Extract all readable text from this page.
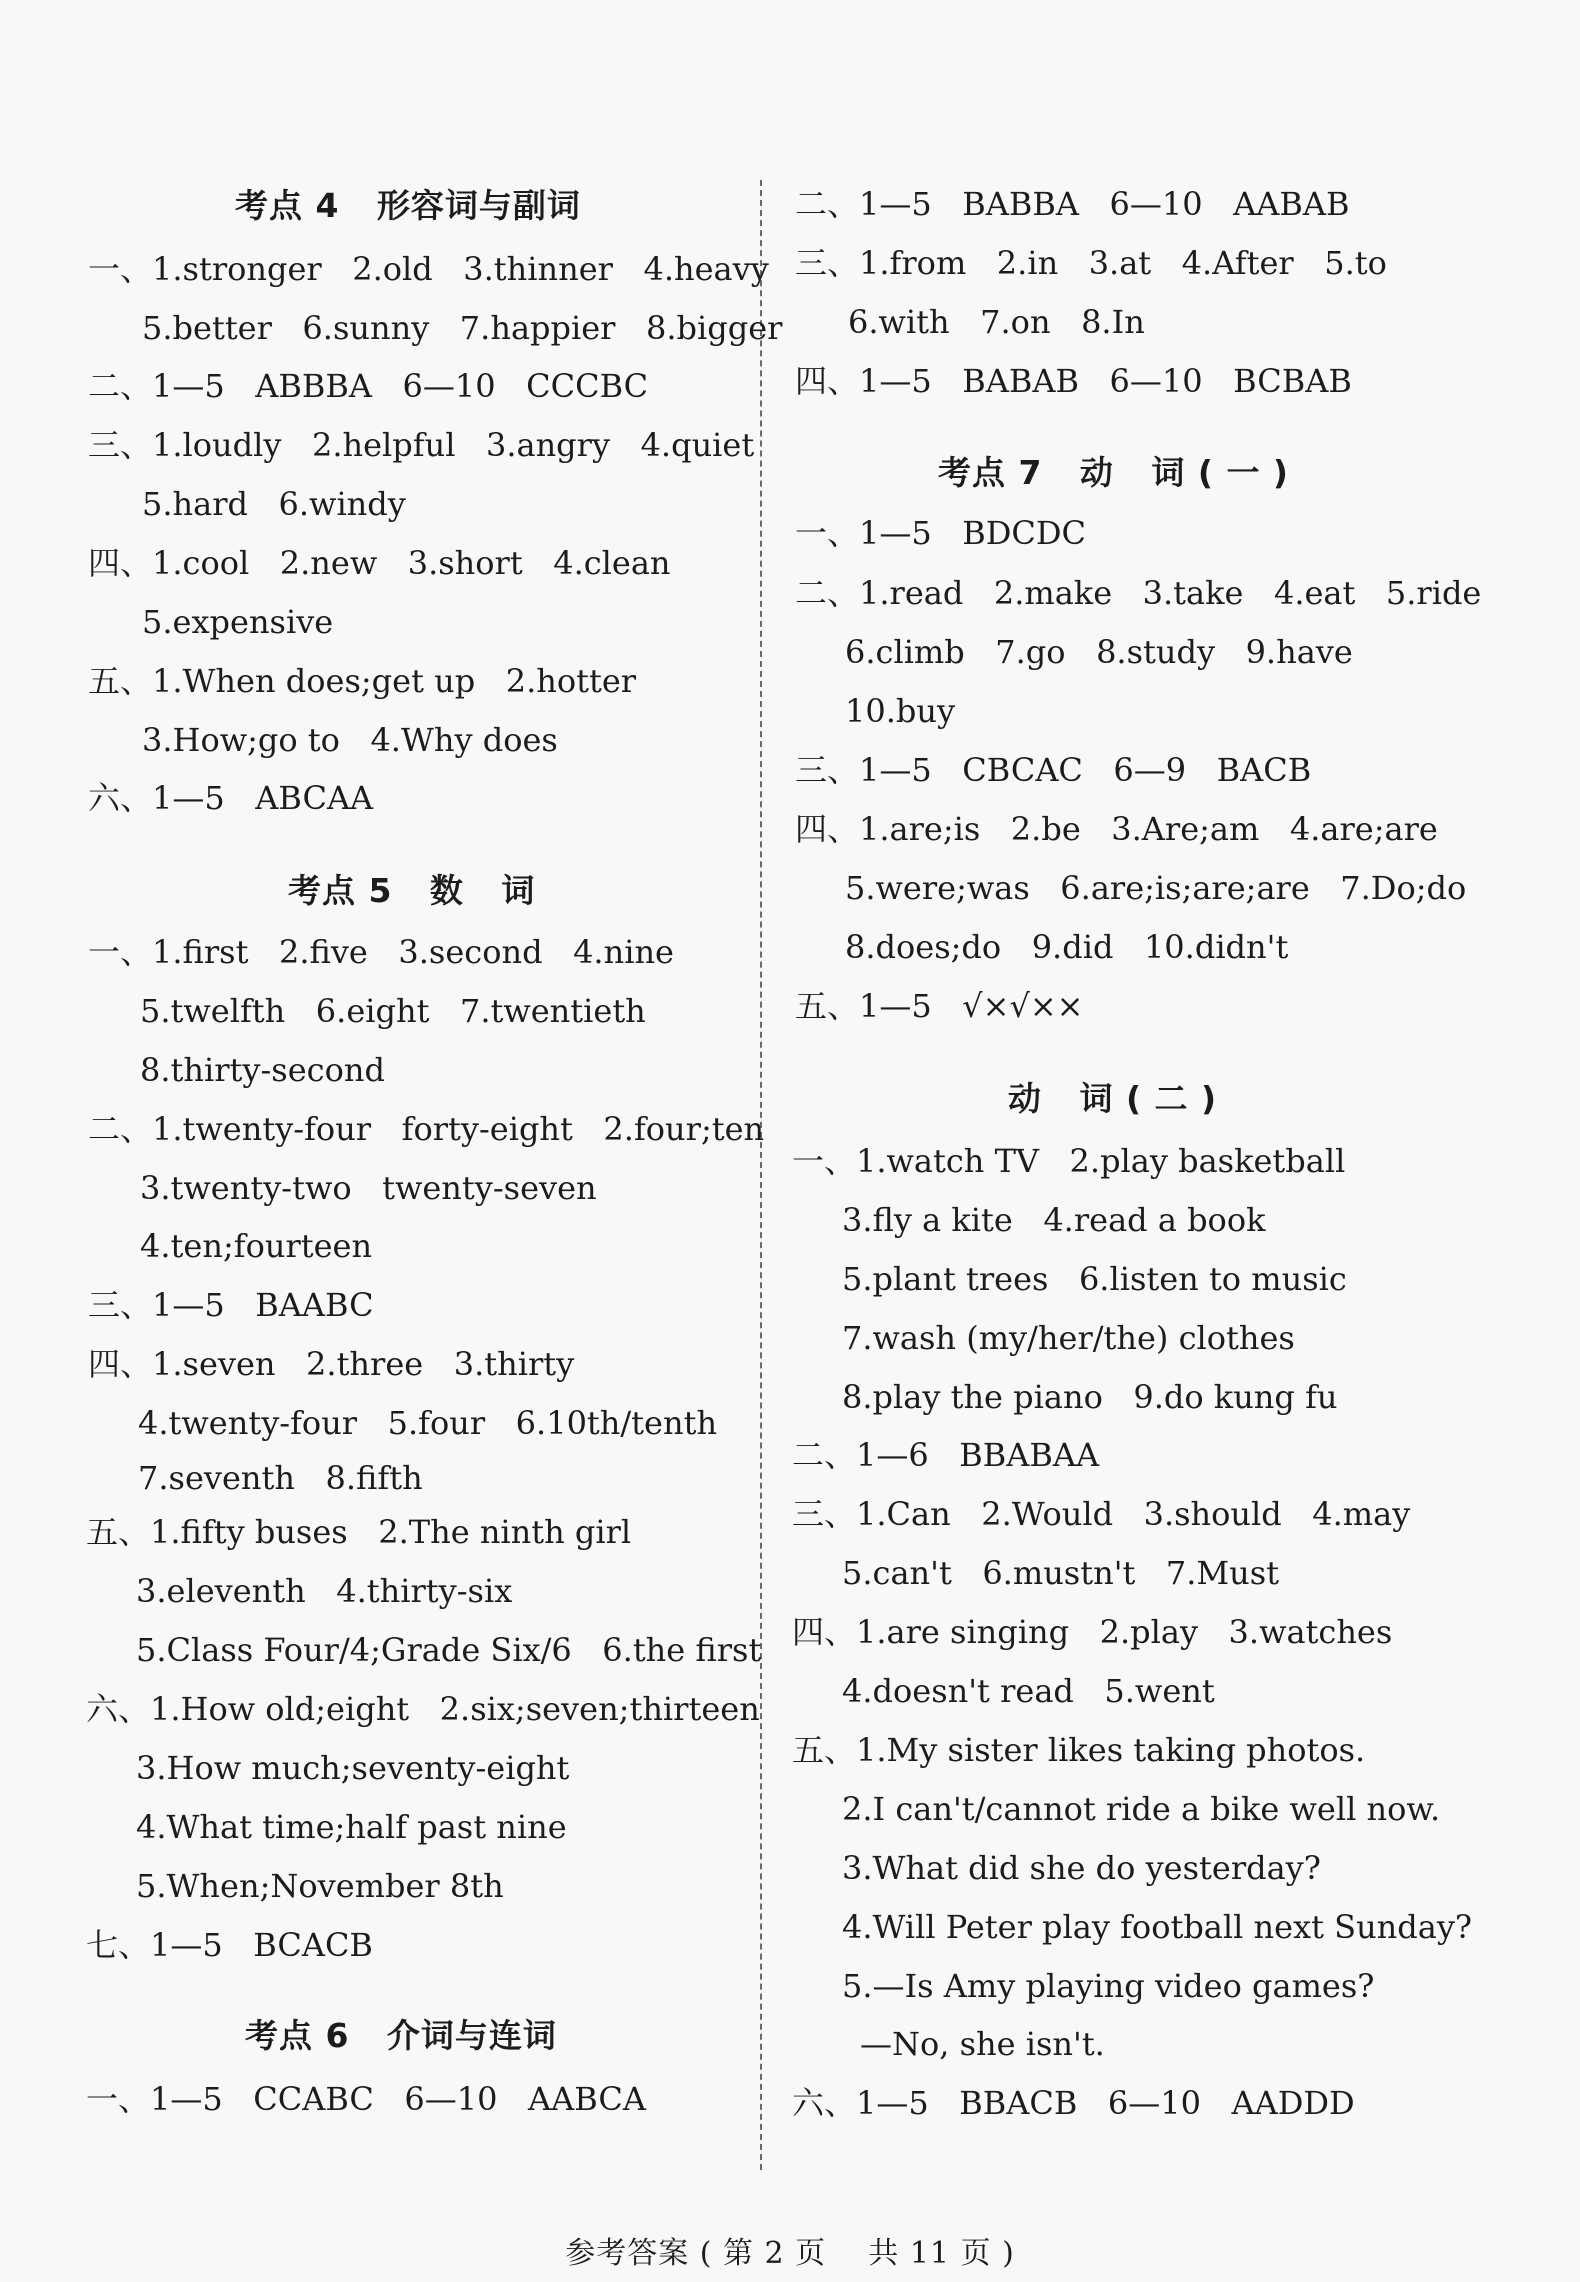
考点 4   形容词与副词
一、1.stronger   2.old   3.thinner   4.heavy
5.better   6.sunny   7.happier   8.bigger
二、1—5   ABBBA   6—10   CCCBC
三、1.loudly   2.helpful   3.angry   4.quiet
5.hard   6.windy
四、1.cool   2.new   3.short   4.clean
5.expensive
五、1.When does;get up   2.hotter
3.How;go to   4.Why does
六、1—5   ABCAA
考点 5   数   词
一、1.first   2.five   3.second   4.nine
5.twelfth   6.eight   7.twentieth
8.thirty-second
二、1.twenty-four   forty-eight   2.four;ten
3.twenty-two   twenty-seven
4.ten;fourteen
三、1—5   BAABC
四、1.seven   2.three   3.thirty
4.twenty-four   5.four   6.10th/tenth
7.seventh   8.fifth
五、1.fifty buses   2.The ninth girl
3.eleventh   4.thirty-six
5.Class Four/4;Grade Six/6   6.the first
六、1.How old;eight   2.six;seven;thirteen
3.How much;seventy-eight
4.What time;half past nine
5.When;November 8th
七、1—5   BCACB
考点 6   介词与连词
一、1—5   CCABC   6—10   AABCA
二、1—5   BABBA   6—10   AABAB
三、1.from   2.in   3.at   4.After   5.to
6.with   7.on   8.In
四、1—5   BABAB   6—10   BCBAB
考点 7   动   词 ( 一 )
一、1—5   BDCDC
二、1.read   2.make   3.take   4.eat   5.ride
6.climb   7.go   8.study   9.have
10.buy
三、1—5   CBCAC   6—9   BACB
四、1.are;is   2.be   3.Are;am   4.are;are
5.were;was   6.are;is;are;are   7.Do;do
8.does;do   9.did   10.didn't
五、1—5   √×√××
动   词 ( 二 )
一、1.watch TV   2.play basketball
3.fly a kite   4.read a book
5.plant trees   6.listen to music
7.wash (my/her/the) clothes
8.play the piano   9.do kung fu
二、1—6   BBABAA
三、1.Can   2.Would   3.should   4.may
5.can't   6.mustn't   7.Must
四、1.are singing   2.play   3.watches
4.doesn't read   5.went
五、1.My sister likes taking photos.
2.I can't/cannot ride a bike well now.
3.What did she do yesterday?
4.Will Peter play football next Sunday?
5.—Is Amy playing video games?
—No, she isn't.
六、1—5   BBACB   6—10   AADDD
参考答案 ( 第 2 页    共 11 页 )
